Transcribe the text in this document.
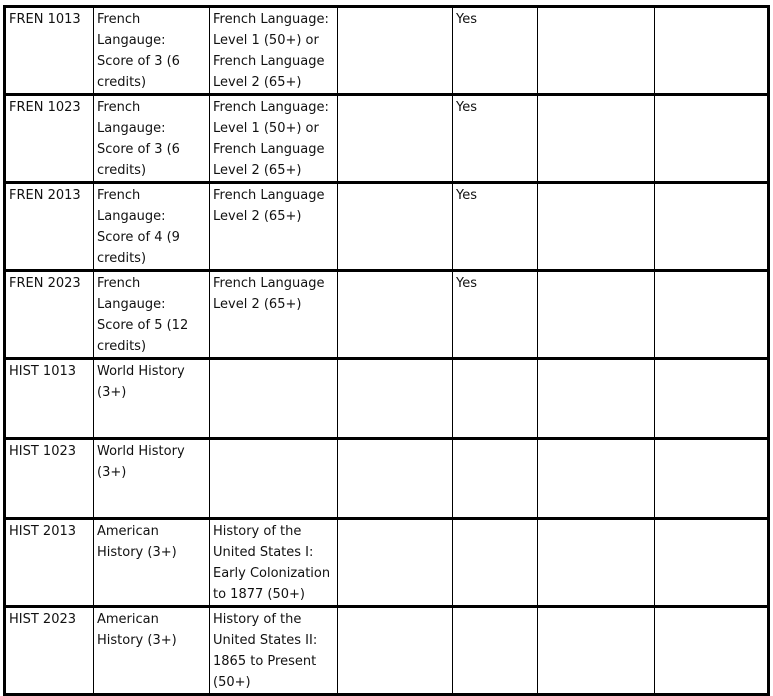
FREN 1013	French Langauge: Score of 3 (6 credits)	French Language: Level 1 (50+) or French Language Level 2 (65+)		Yes		
FREN 1023	French Langauge: Score of 3 (6 credits)	French Language: Level 1 (50+) or French Language Level 2 (65+)		Yes		
FREN 2013	French Langauge: Score of 4 (9 credits)	French Language Level 2 (65+)		Yes		
FREN 2023	French Langauge: Score of 5 (12 credits)	French Language Level 2 (65+)		Yes		
HIST 1013	World History (3+)					
HIST 1023	World History (3+)					
HIST 2013	American History (3+)	History of the United States I: Early Colonization to 1877 (50+)				
HIST 2023	American History (3+)	History of the United States II: 1865 to Present (50+)				
